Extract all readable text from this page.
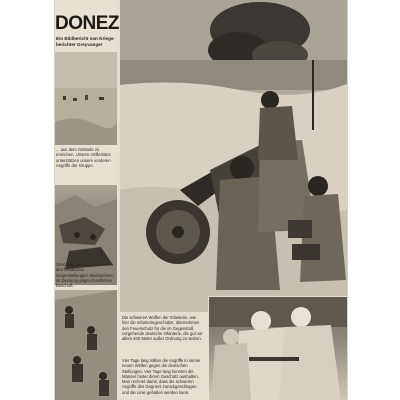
DONEZ
Ein Bildbericht von Kriegs- berichter Greyvanger
... aus dem Gelände zu erreichen. Unsere Artilleristen unterstützen unsere vorderen Angriffe der Gruppe.
Geschütz. Es dient zusammen den feindlichen Gegenstellungen. Beobachtern im Deckung gegen feindlichen Beschuß.
Die schweren Waffen der Infanterie, wie hier die Infanteriegeschütze, übernehmen den Feuerschutz für die im Gegenstoß vorgehende deutsche Infanterie, die gut vor allem 400 Meter außer Ordnung zu setzen.
Vier Tage lang rollten die Angriffe in immer neuen Wellen gegen die deutschen Stellungen. Vier Tage lang konnten die Männer hinter ihrem Geschütz aushalten. Man rechnet damit, dass die schweren Angriffe des Gegners zurückgeschlagen und die Linie gehalten werden kann.
